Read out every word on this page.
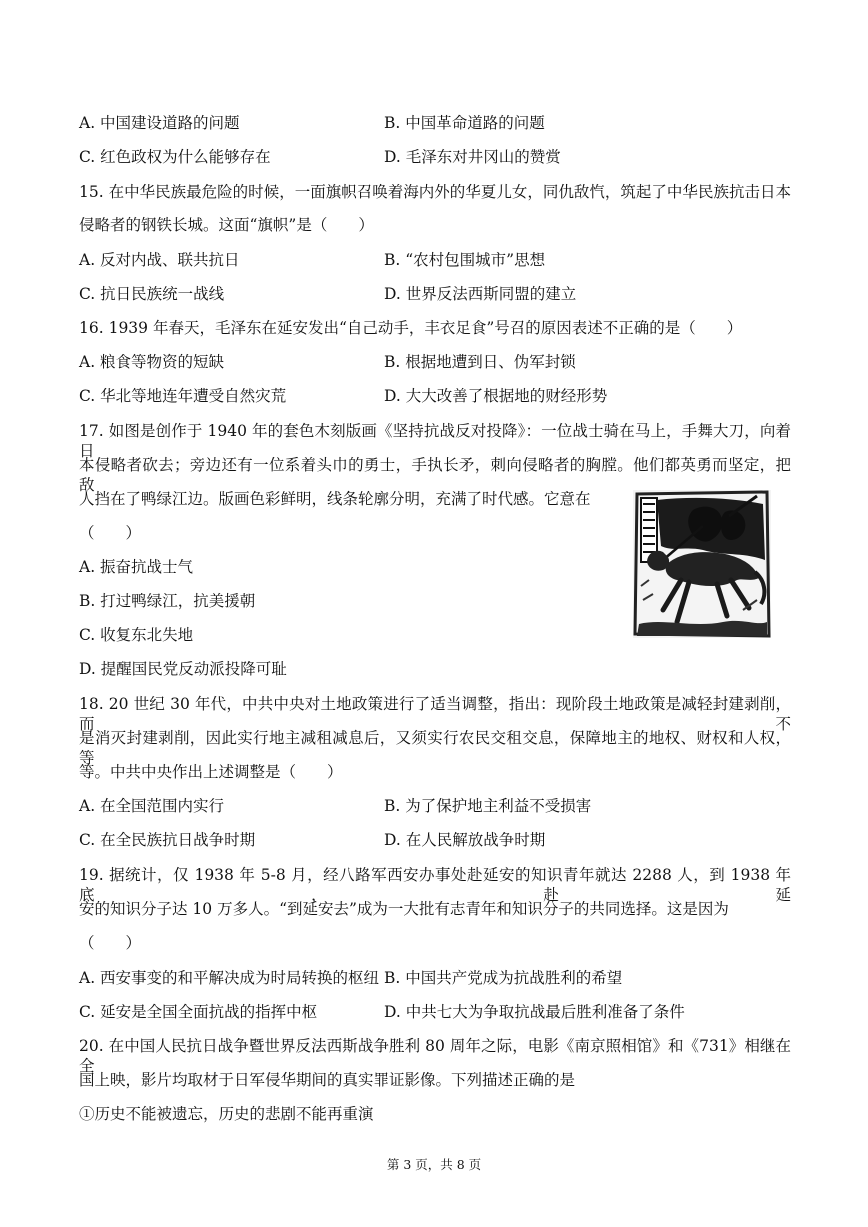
A. 中国建设道路的问题	B. 中国革命道路的问题
C. 红色政权为什么能够存在	D. 毛泽东对井冈山的赞赏
15. 在中华民族最危险的时候，一面旗帜召唤着海内外的华夏儿女，同仇敌忾，筑起了中华民族抗击日本
侵略者的钢铁长城。这面“旗帜”是（　　）
A. 反对内战、联共抗日	B. “农村包围城市”思想
C. 抗日民族统一战线	D. 世界反法西斯同盟的建立
16. 1939 年春天，毛泽东在延安发出“自己动手，丰衣足食”号召的原因表述不正确的是（　　）
A. 粮食等物资的短缺	B. 根据地遭到日、伪军封锁
C. 华北等地连年遭受自然灾荒	D. 大大改善了根据地的财经形势
17. 如图是创作于 1940 年的套色木刻版画《坚持抗战反对投降》：一位战士骑在马上，手舞大刀，向着日
本侵略者砍去；旁边还有一位系着头巾的勇士，手执长矛，刺向侵略者的胸膛。他们都英勇而坚定，把敌
人挡在了鸭绿江边。版画色彩鲜明，线条轮廓分明，充满了时代感。它意在
（　　）
A. 振奋抗战士气
B. 打过鸭绿江，抗美援朝
C. 收复东北失地
D. 提醒国民党反动派投降可耻
18. 20 世纪 30 年代，中共中央对土地政策进行了适当调整，指出：现阶段土地政策是减轻封建剥削，而不
是消灭封建剥削，因此实行地主减租减息后，又须实行农民交租交息，保障地主的地权、财权和人权，等
等。中共中央作出上述调整是（　　）
A. 在全国范围内实行	B. 为了保护地主利益不受损害
C. 在全民族抗日战争时期	D. 在人民解放战争时期
19. 据统计，仅 1938 年 5-8 月，经八路军西安办事处赴延安的知识青年就达 2288 人，到 1938 年底，赴延
安的知识分子达 10 万多人。“到延安去”成为一大批有志青年和知识分子的共同选择。这是因为
（　　）
A. 西安事变的和平解决成为时局转换的枢纽 B. 中国共产党成为抗战胜利的希望
C. 延安是全国全面抗战的指挥中枢	D. 中共七大为争取抗战最后胜利准备了条件
20. 在中国人民抗日战争暨世界反法西斯战争胜利 80 周年之际，电影《南京照相馆》和《731》相继在全
国上映，影片均取材于日军侵华期间的真实罪证影像。下列描述正确的是
①历史不能被遗忘，历史的悲剧不能再重演
第 3 页，共 8 页
